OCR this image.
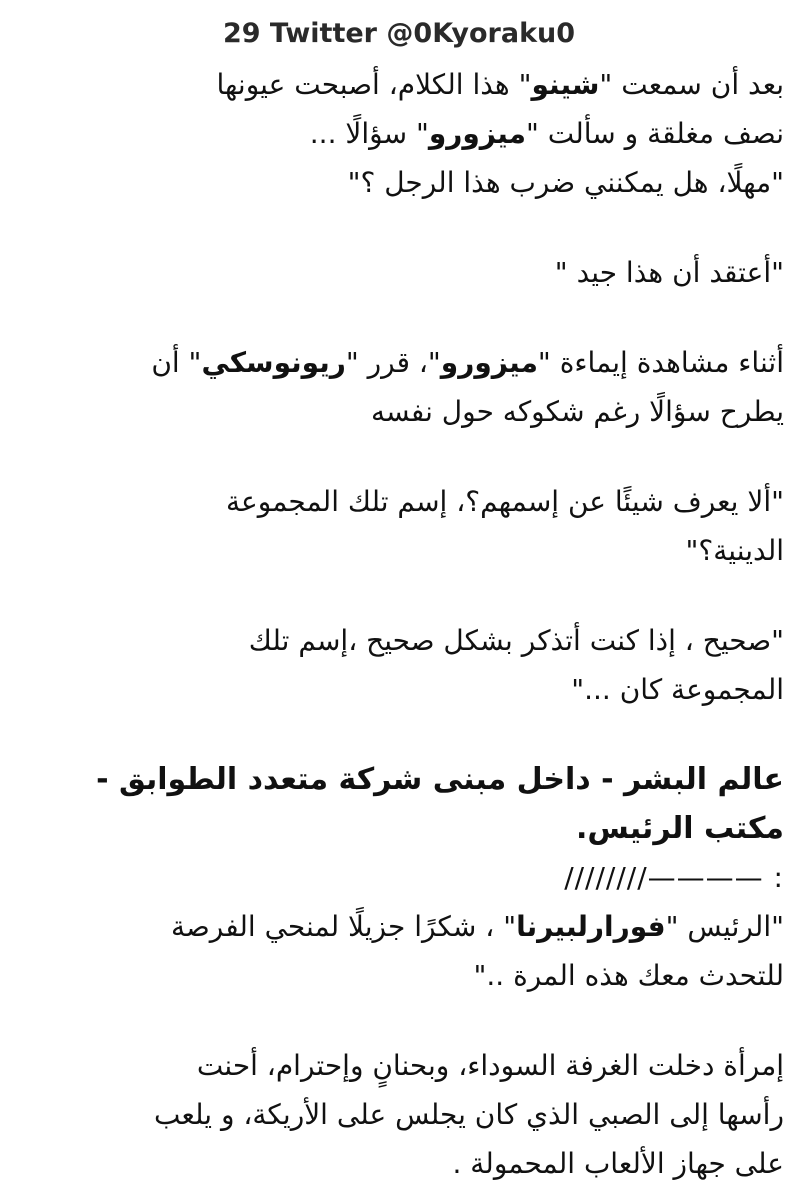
29 Twitter @0Kyoraku0
بعد أن سمعت "شينو" هذا الكلام، أصبحت عيونها
نصف مغلقة و سألت "ميزورو" سؤالًا ...
"مهلًا، هل يمكنني ضرب هذا الرجل ؟"
"أعتقد أن هذا جيد "
أثناء مشاهدة إيماءة "ميزورو"، قرر "ريونوسكي" أن
يطرح سؤالًا رغم شكوكه حول نفسه
"ألا يعرف شيئًا عن إسمهم؟، إسم تلك المجموعة
الدينية؟"
"صحيح ، إذا كنت أتذكر بشكل صحيح ،إسم تلك
المجموعة كان ..."
عالم البشر - داخل مبنى شركة متعدد الطوابق -
مكتب الرئيس.
////////———— :
"الرئيس "فورارلبيرنا" ، شكرًا جزيلًا لمنحي الفرصة
للتحدث معك هذه المرة .."
إمرأة دخلت الغرفة السوداء، وبحنانٍ وإحترام، أحنت
رأسها إلى الصبي الذي كان يجلس على الأريكة، و يلعب
على جهاز الألعاب المحمولة .
